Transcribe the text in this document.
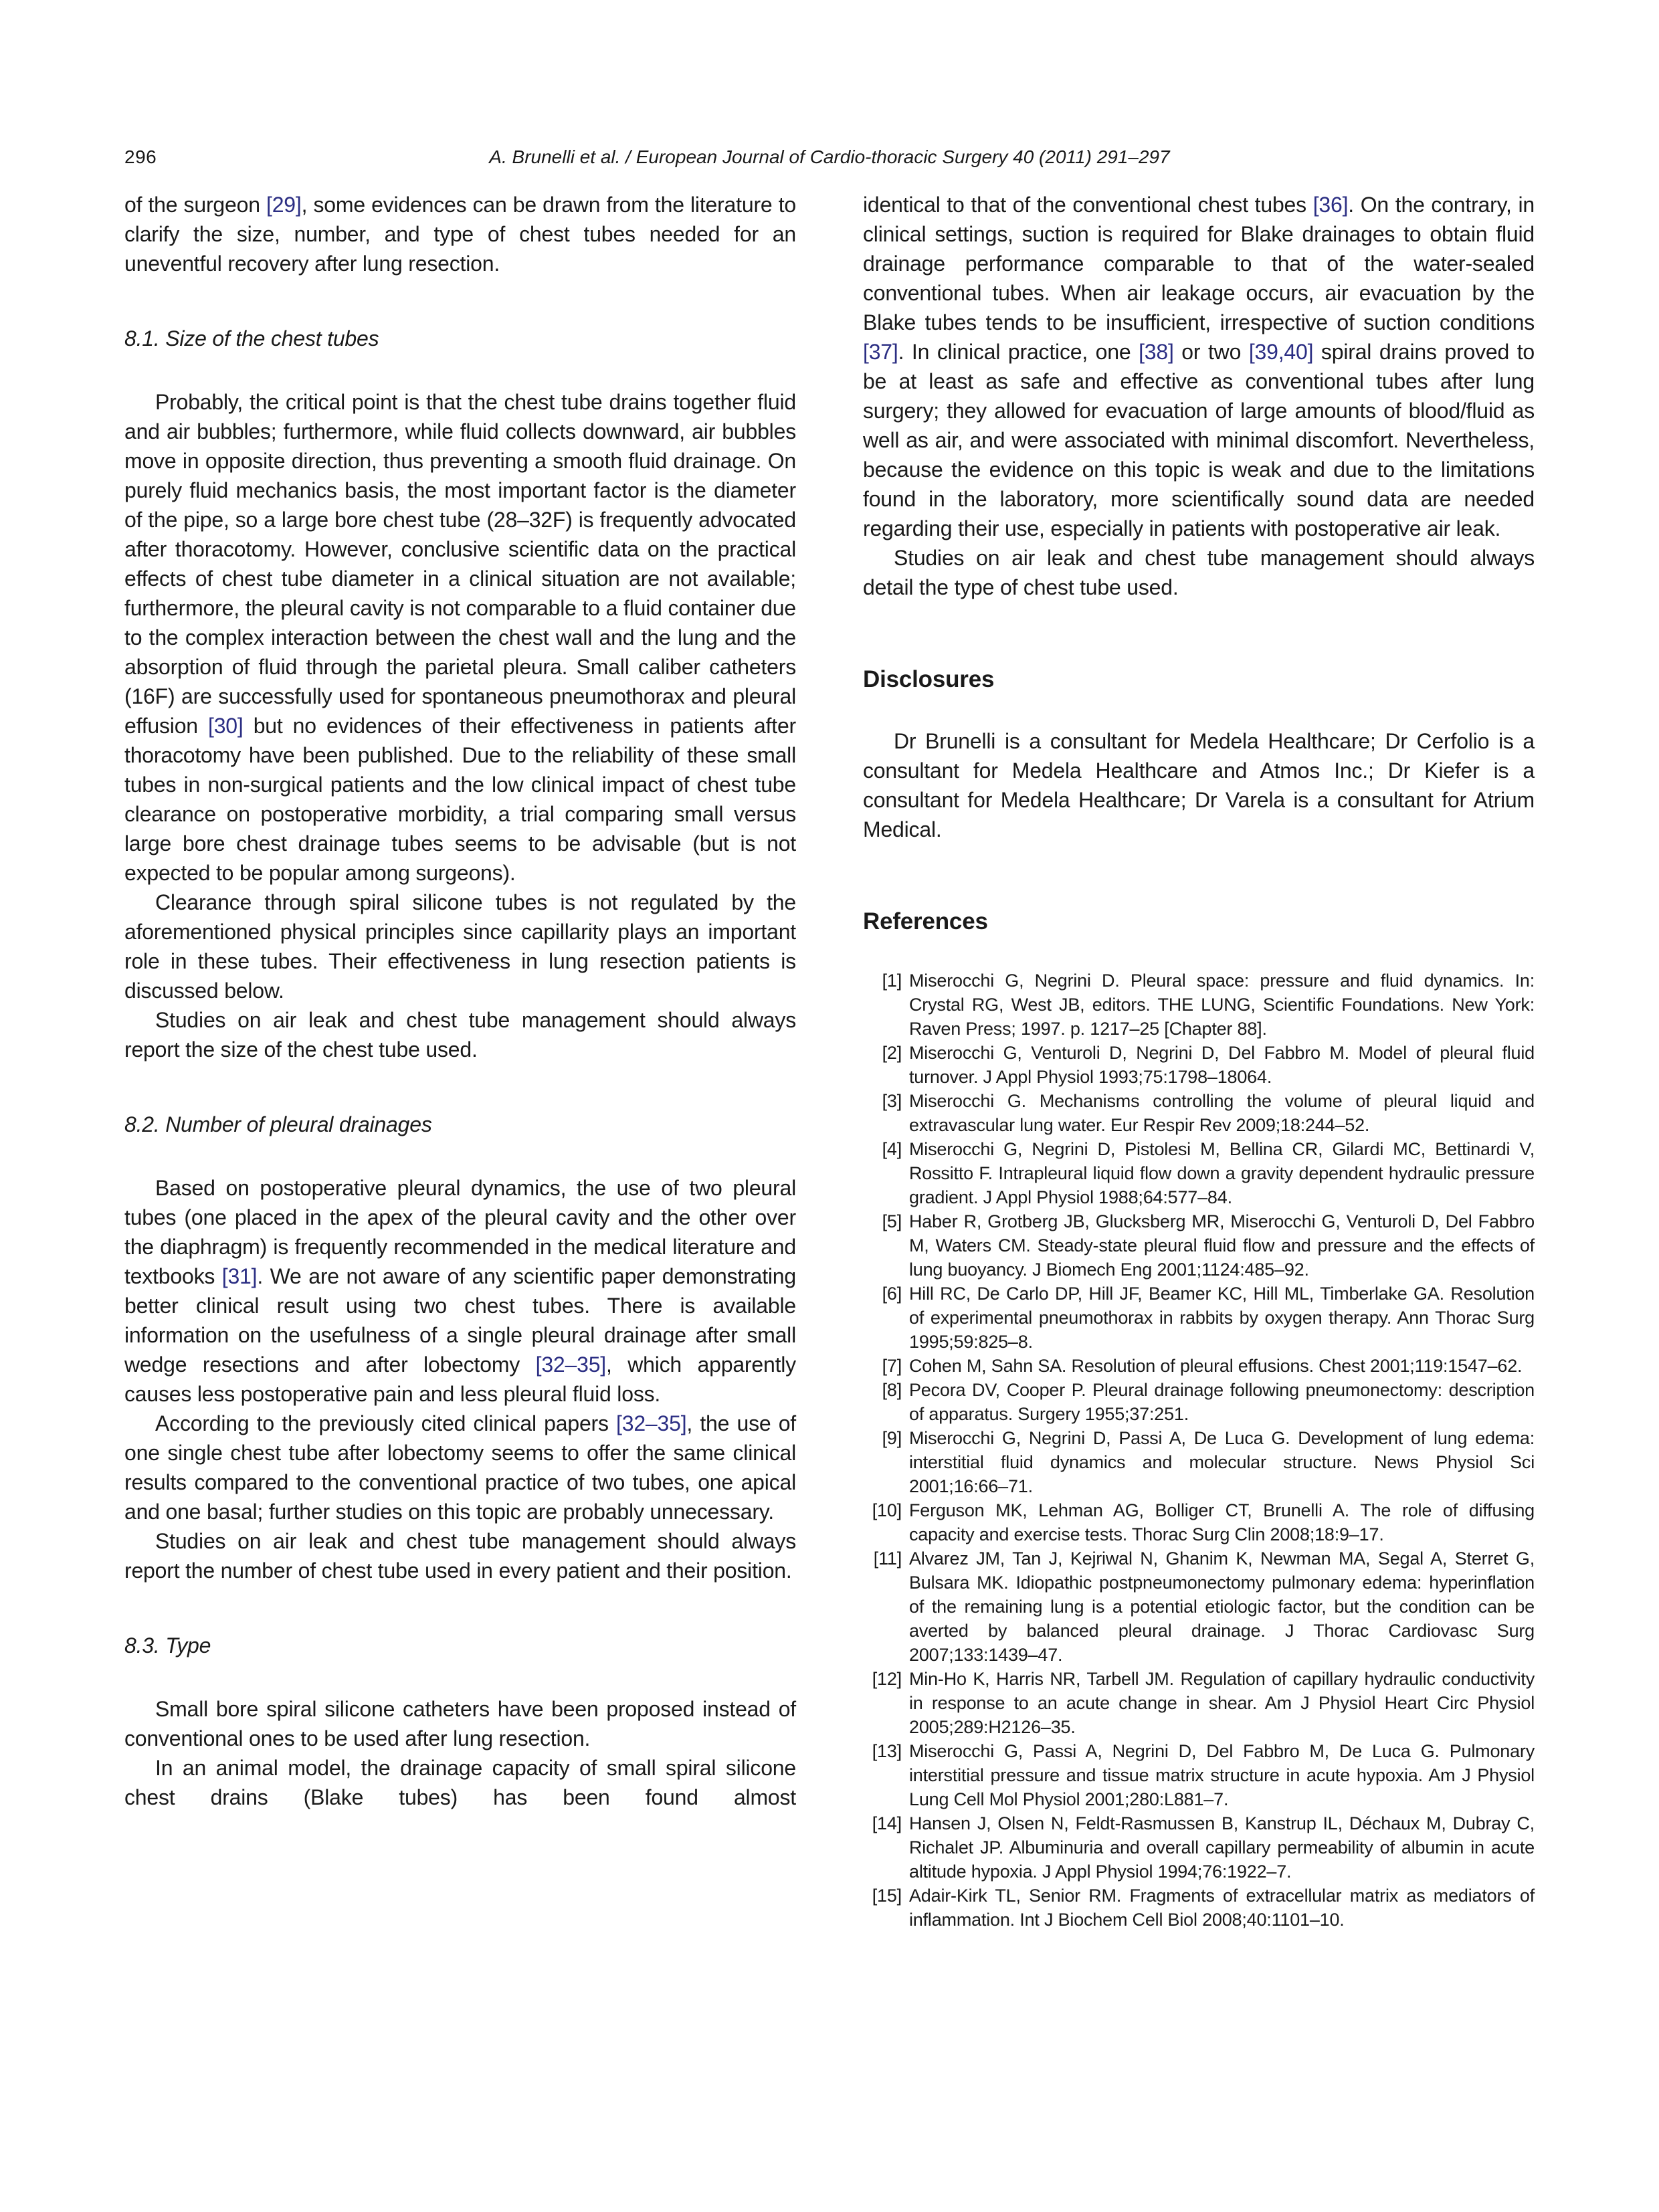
296	A. Brunelli et al. / European Journal of Cardio-thoracic Surgery 40 (2011) 291–297

of the surgeon [29], some evidences can be drawn from the literature to clarify the size, number, and type of chest tubes needed for an uneventful recovery after lung resection.

8.1. Size of the chest tubes

Probably, the critical point is that the chest tube drains together fluid and air bubbles; furthermore, while fluid collects downward, air bubbles move in opposite direction, thus preventing a smooth fluid drainage. On purely fluid mechanics basis, the most important factor is the diameter of the pipe, so a large bore chest tube (28–32F) is frequently advocated after thoracotomy. However, conclusive scientific data on the practical effects of chest tube diameter in a clinical situation are not available; furthermore, the pleural cavity is not comparable to a fluid container due to the complex interaction between the chest wall and the lung and the absorption of fluid through the parietal pleura. Small caliber catheters (16F) are successfully used for spontaneous pneumothorax and pleural effusion [30] but no evidences of their effectiveness in patients after thoracotomy have been published. Due to the reliability of these small tubes in non-surgical patients and the low clinical impact of chest tube clearance on postoperative morbidity, a trial comparing small versus large bore chest drainage tubes seems to be advisable (but is not expected to be popular among surgeons).

Clearance through spiral silicone tubes is not regulated by the aforementioned physical principles since capillarity plays an important role in these tubes. Their effectiveness in lung resection patients is discussed below.

Studies on air leak and chest tube management should always report the size of the chest tube used.

8.2. Number of pleural drainages

Based on postoperative pleural dynamics, the use of two pleural tubes (one placed in the apex of the pleural cavity and the other over the diaphragm) is frequently recommended in the medical literature and textbooks [31]. We are not aware of any scientific paper demonstrating better clinical result using two chest tubes. There is available information on the usefulness of a single pleural drainage after small wedge resections and after lobectomy [32–35], which apparently causes less postoperative pain and less pleural fluid loss.

According to the previously cited clinical papers [32–35], the use of one single chest tube after lobectomy seems to offer the same clinical results compared to the conventional practice of two tubes, one apical and one basal; further studies on this topic are probably unnecessary.

Studies on air leak and chest tube management should always report the number of chest tube used in every patient and their position.

8.3. Type

Small bore spiral silicone catheters have been proposed instead of conventional ones to be used after lung resection.

In an animal model, the drainage capacity of small spiral silicone chest drains (Blake tubes) has been found almost

identical to that of the conventional chest tubes [36]. On the contrary, in clinical settings, suction is required for Blake drainages to obtain fluid drainage performance comparable to that of the water-sealed conventional tubes. When air leakage occurs, air evacuation by the Blake tubes tends to be insufficient, irrespective of suction conditions [37]. In clinical practice, one [38] or two [39,40] spiral drains proved to be at least as safe and effective as conventional tubes after lung surgery; they allowed for evacuation of large amounts of blood/fluid as well as air, and were associated with minimal discomfort. Nevertheless, because the evidence on this topic is weak and due to the limitations found in the laboratory, more scientifically sound data are needed regarding their use, especially in patients with postoperative air leak.

Studies on air leak and chest tube management should always detail the type of chest tube used.

Disclosures

Dr Brunelli is a consultant for Medela Healthcare; Dr Cerfolio is a consultant for Medela Healthcare and Atmos Inc.; Dr Kiefer is a consultant for Medela Healthcare; Dr Varela is a consultant for Atrium Medical.

References
[1] Miserocchi G, Negrini D. Pleural space: pressure and fluid dynamics. In: Crystal RG, West JB, editors. THE LUNG, Scientific Foundations. New York: Raven Press; 1997. p. 1217–25 [Chapter 88].
[2] Miserocchi G, Venturoli D, Negrini D, Del Fabbro M. Model of pleural fluid turnover. J Appl Physiol 1993;75:1798–18064.
[3] Miserocchi G. Mechanisms controlling the volume of pleural liquid and extravascular lung water. Eur Respir Rev 2009;18:244–52.
[4] Miserocchi G, Negrini D, Pistolesi M, Bellina CR, Gilardi MC, Bettinardi V, Rossitto F. Intrapleural liquid flow down a gravity dependent hydraulic pressure gradient. J Appl Physiol 1988;64:577–84.
[5] Haber R, Grotberg JB, Glucksberg MR, Miserocchi G, Venturoli D, Del Fabbro M, Waters CM. Steady-state pleural fluid flow and pressure and the effects of lung buoyancy. J Biomech Eng 2001;1124:485–92.
[6] Hill RC, De Carlo DP, Hill JF, Beamer KC, Hill ML, Timberlake GA. Resolution of experimental pneumothorax in rabbits by oxygen therapy. Ann Thorac Surg 1995;59:825–8.
[7] Cohen M, Sahn SA. Resolution of pleural effusions. Chest 2001;119:1547–62.
[8] Pecora DV, Cooper P. Pleural drainage following pneumonectomy: description of apparatus. Surgery 1955;37:251.
[9] Miserocchi G, Negrini D, Passi A, De Luca G. Development of lung edema: interstitial fluid dynamics and molecular structure. News Physiol Sci 2001;16:66–71.
[10] Ferguson MK, Lehman AG, Bolliger CT, Brunelli A. The role of diffusing capacity and exercise tests. Thorac Surg Clin 2008;18:9–17.
[11] Alvarez JM, Tan J, Kejriwal N, Ghanim K, Newman MA, Segal A, Sterret G, Bulsara MK. Idiopathic postpneumonectomy pulmonary edema: hyperinflation of the remaining lung is a potential etiologic factor, but the condition can be averted by balanced pleural drainage. J Thorac Cardiovasc Surg 2007;133:1439–47.
[12] Min-Ho K, Harris NR, Tarbell JM. Regulation of capillary hydraulic conductivity in response to an acute change in shear. Am J Physiol Heart Circ Physiol 2005;289:H2126–35.
[13] Miserocchi G, Passi A, Negrini D, Del Fabbro M, De Luca G. Pulmonary interstitial pressure and tissue matrix structure in acute hypoxia. Am J Physiol Lung Cell Mol Physiol 2001;280:L881–7.
[14] Hansen J, Olsen N, Feldt-Rasmussen B, Kanstrup IL, Déchaux M, Dubray C, Richalet JP. Albuminuria and overall capillary permeability of albumin in acute altitude hypoxia. J Appl Physiol 1994;76:1922–7.
[15] Adair-Kirk TL, Senior RM. Fragments of extracellular matrix as mediators of inflammation. Int J Biochem Cell Biol 2008;40:1101–10.
